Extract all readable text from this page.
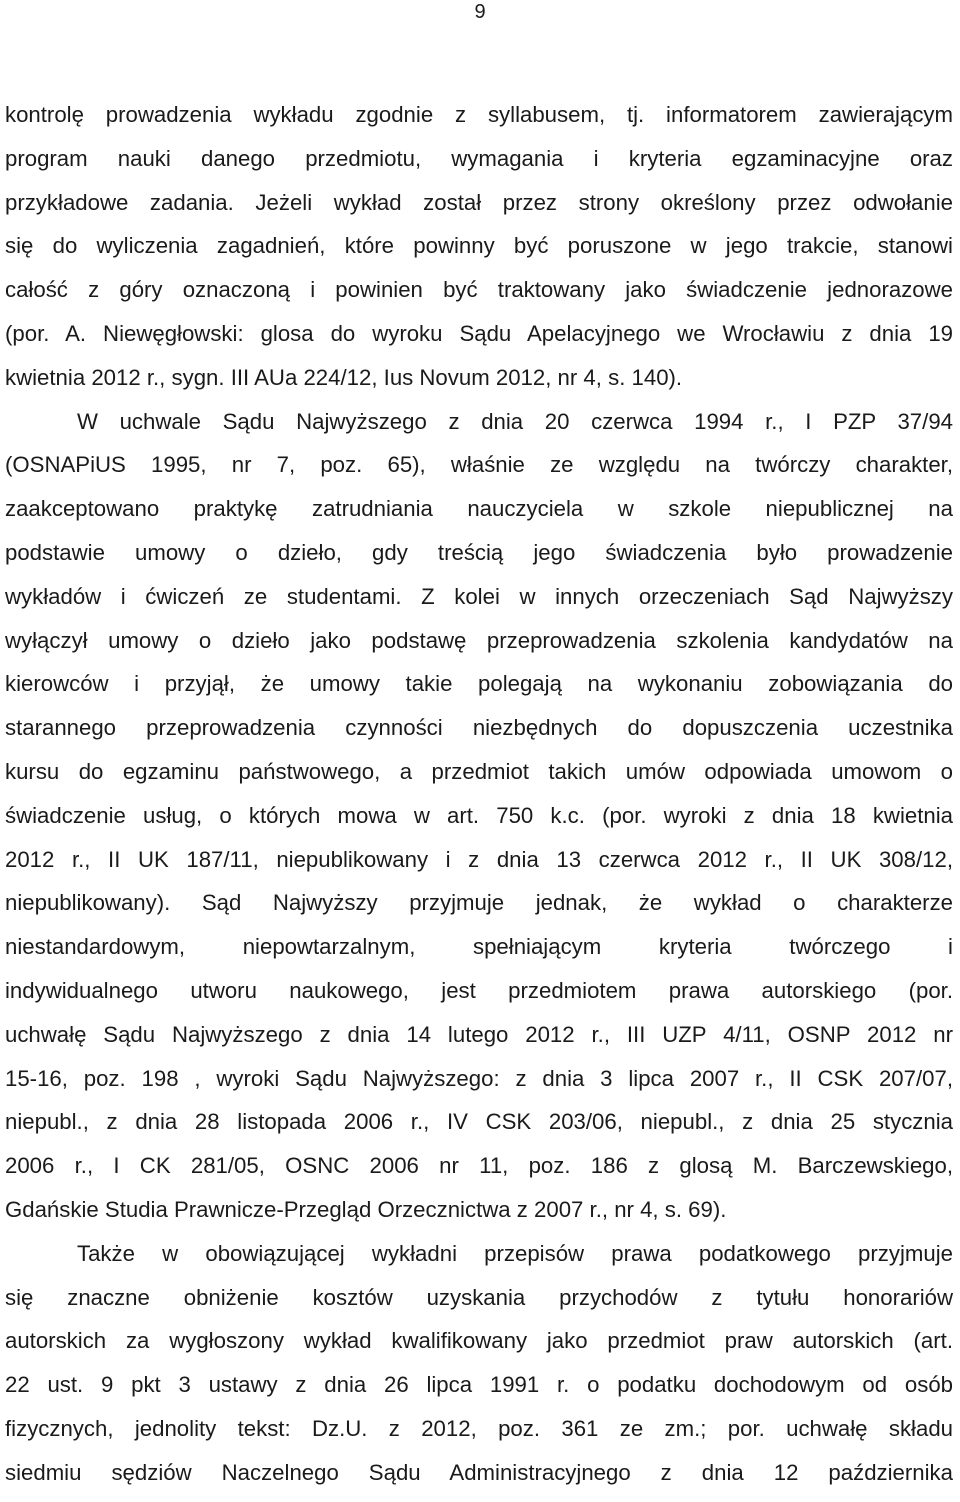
9
kontrolę prowadzenia wykładu zgodnie z syllabusem, tj. informatorem zawierającym
program nauki danego przedmiotu, wymagania i kryteria egzaminacyjne oraz
przykładowe zadania. Jeżeli wykład został przez strony określony przez odwołanie
się do wyliczenia zagadnień, które powinny być poruszone w jego trakcie, stanowi
całość z góry oznaczoną i powinien być traktowany jako świadczenie jednorazowe
(por. A. Niewęgłowski: glosa do wyroku Sądu Apelacyjnego we Wrocławiu z dnia 19
kwietnia 2012 r., sygn. III AUa 224/12, Ius Novum 2012, nr 4, s. 140).
W uchwale Sądu Najwyższego z dnia 20 czerwca 1994 r., I PZP 37/94
(OSNAPiUS 1995, nr 7, poz. 65), właśnie ze względu na twórczy charakter,
zaakceptowano praktykę zatrudniania nauczyciela w szkole niepublicznej na
podstawie umowy o dzieło, gdy treścią jego świadczenia było prowadzenie
wykładów i ćwiczeń ze studentami. Z kolei w innych orzeczeniach Sąd Najwyższy
wyłączył umowy o dzieło jako podstawę przeprowadzenia szkolenia kandydatów na
kierowców i przyjął, że umowy takie polegają na wykonaniu zobowiązania do
starannego przeprowadzenia czynności niezbędnych do dopuszczenia uczestnika
kursu do egzaminu państwowego, a przedmiot takich umów odpowiada umowom o
świadczenie usług, o których mowa w art. 750 k.c. (por. wyroki z dnia 18 kwietnia
2012 r., II UK 187/11, niepublikowany i z dnia 13 czerwca 2012 r., II UK 308/12,
niepublikowany). Sąd Najwyższy przyjmuje jednak, że wykład o charakterze
niestandardowym, niepowtarzalnym, spełniającym kryteria twórczego i
indywidualnego utworu naukowego, jest przedmiotem prawa autorskiego (por.
uchwałę Sądu Najwyższego z dnia 14 lutego 2012 r., III UZP 4/11, OSNP 2012 nr
15-16, poz. 198 , wyroki Sądu Najwyższego: z dnia 3 lipca 2007 r., II CSK 207/07,
niepubl., z dnia 28 listopada 2006 r., IV CSK 203/06, niepubl., z dnia 25 stycznia
2006 r., I CK 281/05, OSNC 2006 nr 11, poz. 186 z glosą M. Barczewskiego,
Gdańskie Studia Prawnicze-Przegląd Orzecznictwa z 2007 r., nr 4, s. 69).
Także w obowiązującej wykładni przepisów prawa podatkowego przyjmuje
się znaczne obniżenie kosztów uzyskania przychodów z tytułu honorariów
autorskich za wygłoszony wykład kwalifikowany jako przedmiot praw autorskich (art.
22 ust. 9 pkt 3 ustawy z dnia 26 lipca 1991 r. o podatku dochodowym od osób
fizycznych, jednolity tekst: Dz.U. z 2012, poz. 361 ze zm.; por. uchwałę składu
siedmiu sędziów Naczelnego Sądu Administracyjnego z dnia 12 października
